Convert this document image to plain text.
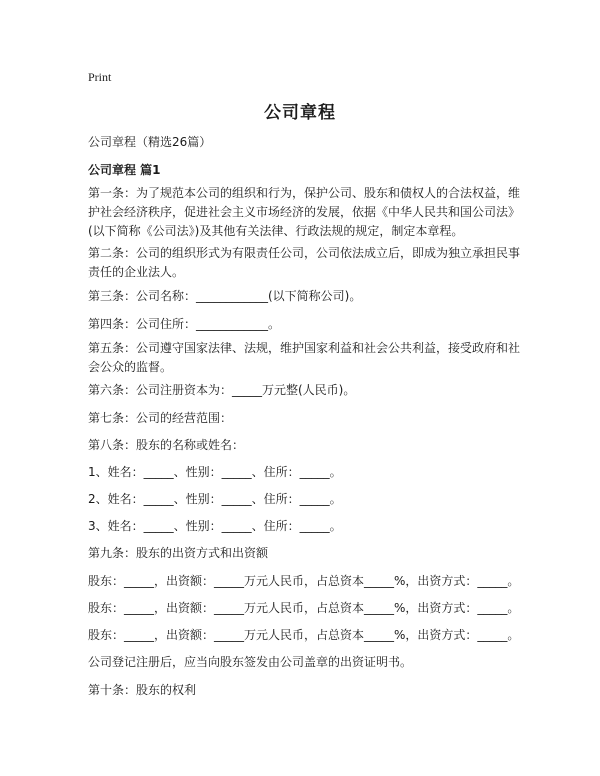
Print
公司章程
公司章程（精选26篇）
公司章程 篇1
第一条：为了规范本公司的组织和行为，保护公司、股东和债权人的合法权益，维护社会经济秩序，促进社会主义市场经济的发展，依据《中华人民共和国公司法》(以下简称《公司法》)及其他有关法律、行政法规的规定，制定本章程。
第二条：公司的组织形式为有限责任公司，公司依法成立后，即成为独立承担民事责任的企业法人。
第三条：公司名称：____________(以下简称公司)。
第四条：公司住所：____________。
第五条：公司遵守国家法律、法规，维护国家利益和社会公共利益，接受政府和社会公众的监督。
第六条：公司注册资本为：_____万元整(人民币)。
第七条：公司的经营范围：
第八条：股东的名称或姓名：
1、姓名：_____、性别：_____、住所：_____。
2、姓名：_____、性别：_____、住所：_____。
3、姓名：_____、性别：_____、住所：_____。
第九条：股东的出资方式和出资额
股东：_____，出资额：_____万元人民币，占总资本_____%，出资方式：_____。
股东：_____，出资额：_____万元人民币，占总资本_____%，出资方式：_____。
股东：_____，出资额：_____万元人民币，占总资本_____%，出资方式：_____。
公司登记注册后，应当向股东签发由公司盖章的出资证明书。
第十条：股东的权利
